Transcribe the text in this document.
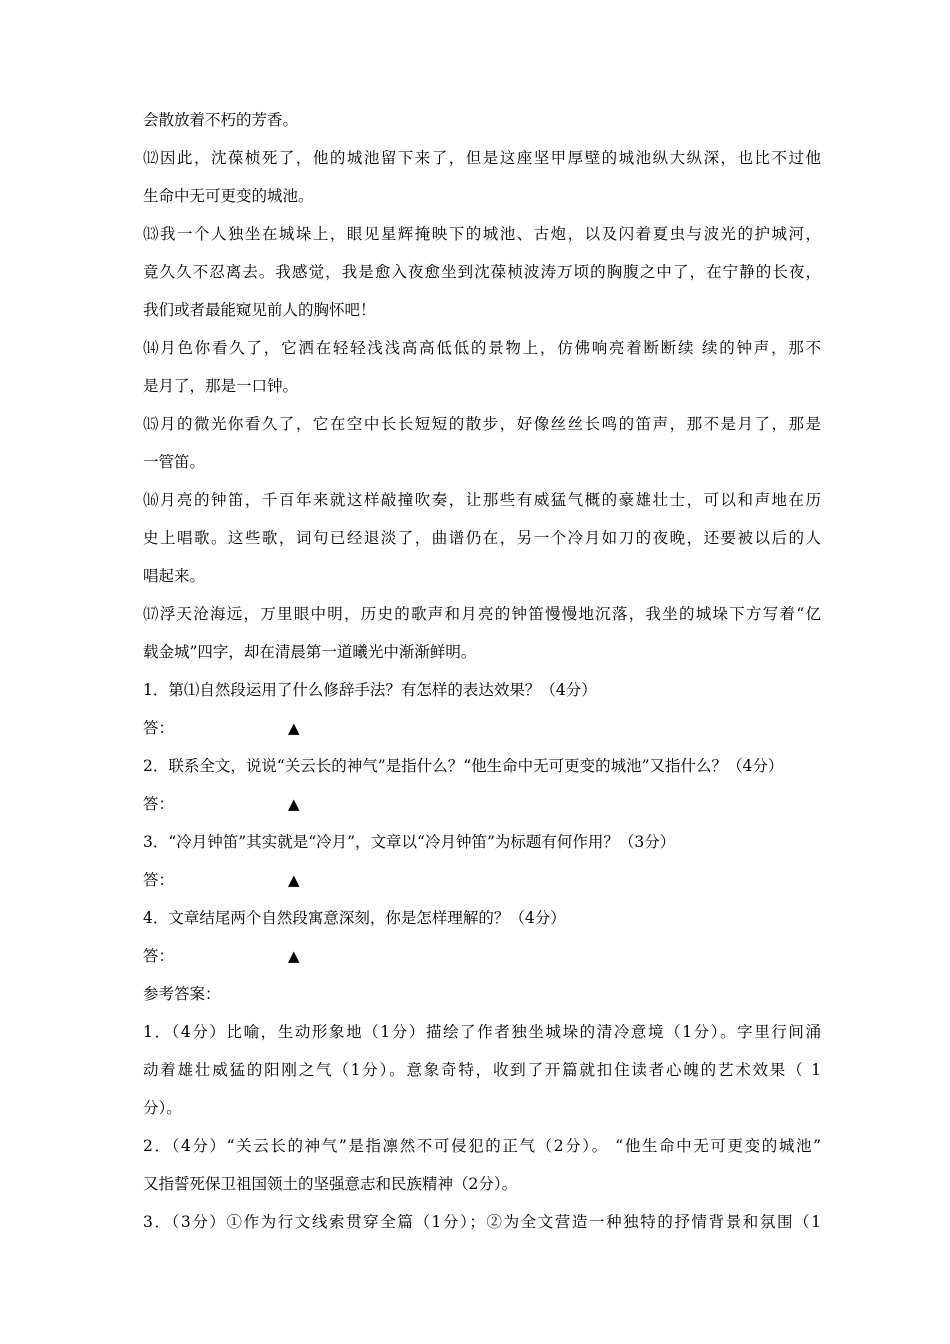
会散放着不朽的芳香。
⑿因此，沈葆桢死了，他的城池留下来了，但是这座坚甲厚壁的城池纵大纵深，也比不过他
生命中无可更变的城池。
⒀我一个人独坐在城垛上，眼见星辉掩映下的城池、古炮，以及闪着夏虫与波光的护城河，
竟久久不忍离去。我感觉，我是愈入夜愈坐到沈葆桢波涛万顷的胸腹之中了，在宁静的长夜，
我们或者最能窥见前人的胸怀吧！
⒁月色你看久了，它洒在轻轻浅浅高高低低的景物上，仿佛响亮着断断续 续的钟声，那不
是月了，那是一口钟。
⒂月的微光你看久了，它在空中长长短短的散步，好像丝丝长鸣的笛声，那不是月了，那是
一管笛。
⒃月亮的钟笛，千百年来就这样敲撞吹奏，让那些有威猛气概的豪雄壮士，可以和声地在历
史上唱歌。这些歌，词句已经退淡了，曲谱仍在，另一个冷月如刀的夜晚，还要被以后的人
唱起来。
⒄浮天沧海远，万里眼中明，历史的歌声和月亮的钟笛慢慢地沉落，我坐的城垛下方写着“亿
载金城”四字，却在清晨第一道曦光中渐渐鲜明。
1．第⑴自然段运用了什么修辞手法？有怎样的表达效果？（4分）
答：	▲
2．联系全文，说说“关云长的神气”是指什么？“他生命中无可更变的城池”又指什么？（4分）
答：	▲
3．“冷月钟笛”其实就是“冷月”，文章以“冷月钟笛”为标题有何作用？（3分）
答：	▲
4．文章结尾两个自然段寓意深刻，你是怎样理解的？（4分）
答：	▲
参考答案：
1．（4分）比喻，生动形象地（1分）描绘了作者独坐城垛的清冷意境（1分）。字里行间涌
动着雄壮威猛的阳刚之气（1分）。意象奇特，收到了开篇就扣住读者心魄的艺术效果（ 1
分）。
2．（4分）“关云长的神气”是指凛然不可侵犯的正气（2分）。 “他生命中无可更变的城池”
又指誓死保卫祖国领土的坚强意志和民族精神（2分）。
3．（3分）①作为行文线索贯穿全篇（1分）；②为全文营造一种独特的抒情背景和氛围（1
